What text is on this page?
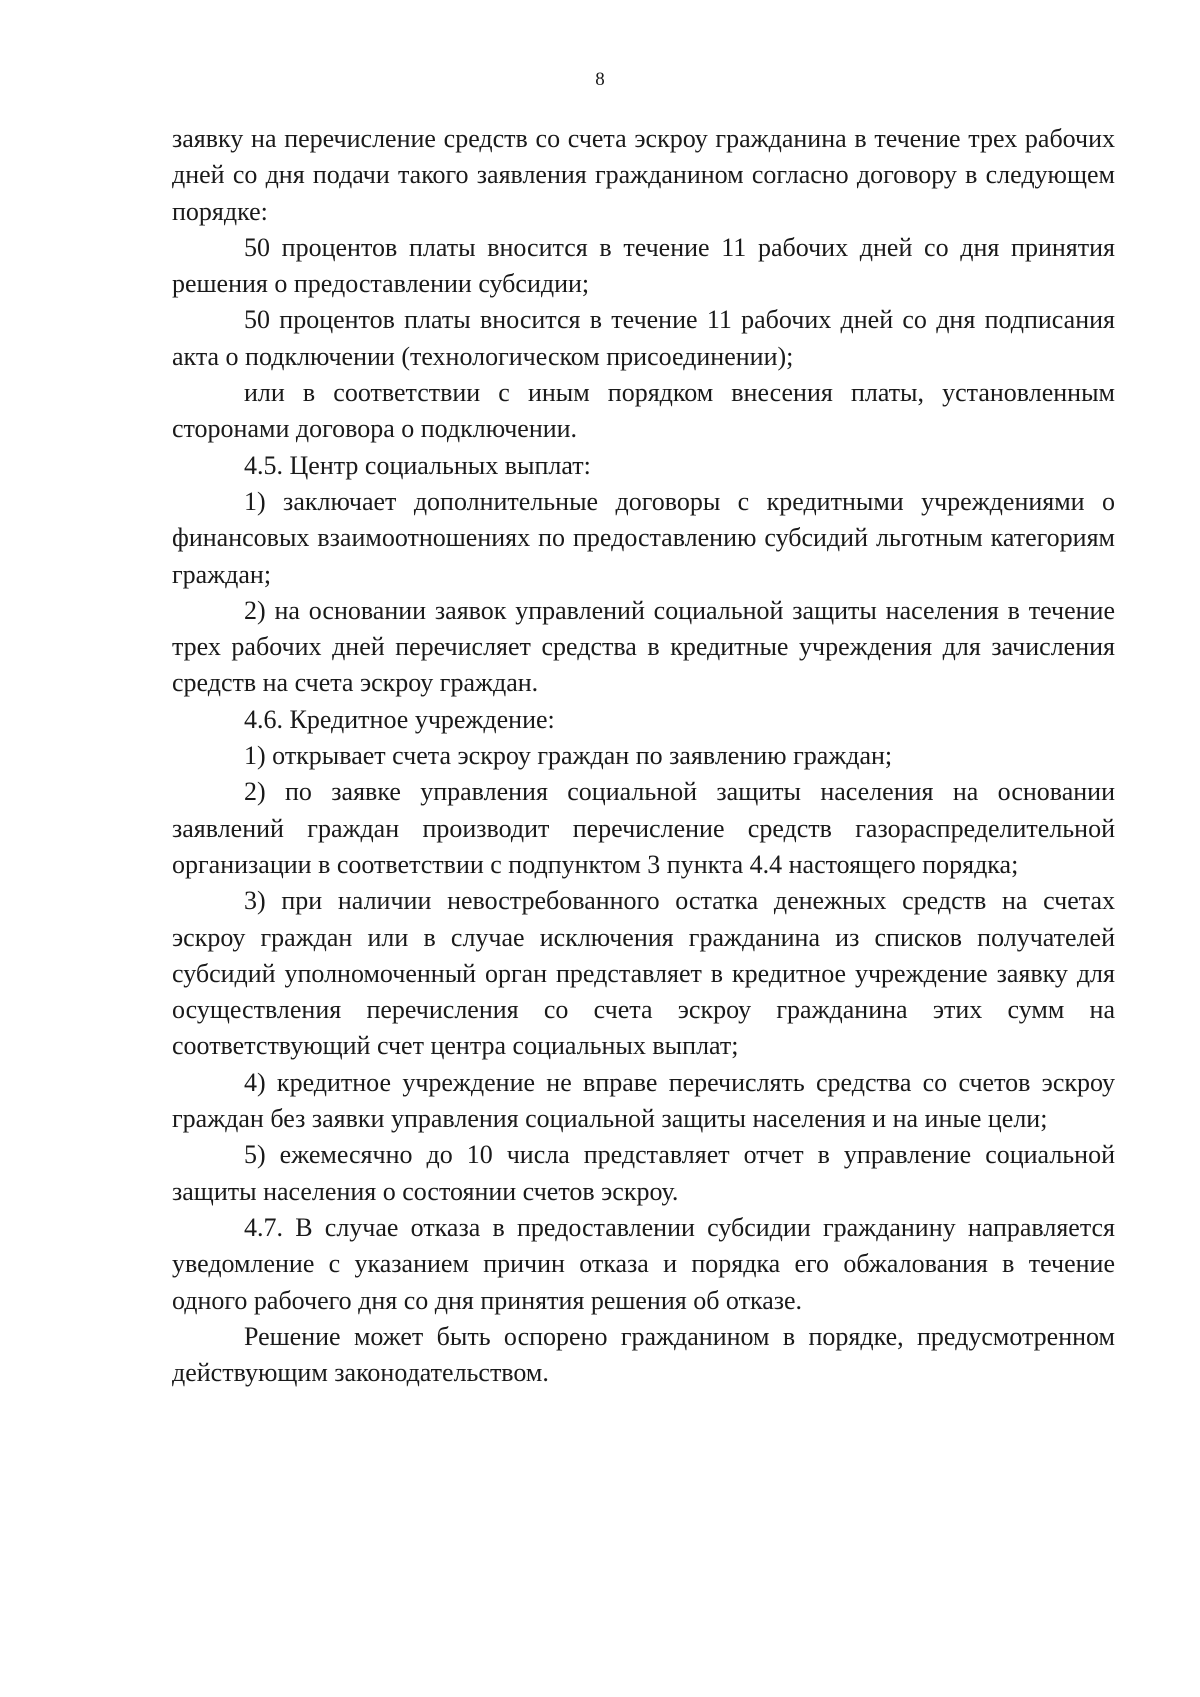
8

заявку на перечисление средств со счета эскроу гражданина в течение трех рабочих дней со дня подачи такого заявления гражданином согласно договору в следующем порядке:

50 процентов платы вносится в течение 11 рабочих дней со дня принятия решения о предоставлении субсидии;

50 процентов платы вносится в течение 11 рабочих дней со дня подписания акта о подключении (технологическом присоединении);

или в соответствии с иным порядком внесения платы, установленным сторонами договора о подключении.

4.5. Центр социальных выплат:

1) заключает дополнительные договоры с кредитными учреждениями о финансовых взаимоотношениях по предоставлению субсидий льготным категориям граждан;

2) на основании заявок управлений социальной защиты населения в течение трех рабочих дней перечисляет средства в кредитные учреждения для зачисления средств на счета эскроу граждан.

4.6. Кредитное учреждение:

1) открывает счета эскроу граждан по заявлению граждан;

2) по заявке управления социальной защиты населения на основании заявлений граждан производит перечисление средств газораспределительной организации в соответствии с подпунктом 3 пункта 4.4 настоящего порядка;

3) при наличии невостребованного остатка денежных средств на счетах эскроу граждан или в случае исключения гражданина из списков получателей субсидий уполномоченный орган представляет в кредитное учреждение заявку для осуществления перечисления со счета эскроу гражданина этих сумм на соответствующий счет центра социальных выплат;

4) кредитное учреждение не вправе перечислять средства со счетов эскроу граждан без заявки управления социальной защиты населения и на иные цели;

5) ежемесячно до 10 числа представляет отчет в управление социальной защиты населения о состоянии счетов эскроу.

4.7. В случае отказа в предоставлении субсидии гражданину направляется уведомление с указанием причин отказа и порядка его обжалования в течение одного рабочего дня со дня принятия решения об отказе.

Решение может быть оспорено гражданином в порядке, предусмотренном действующим законодательством.
